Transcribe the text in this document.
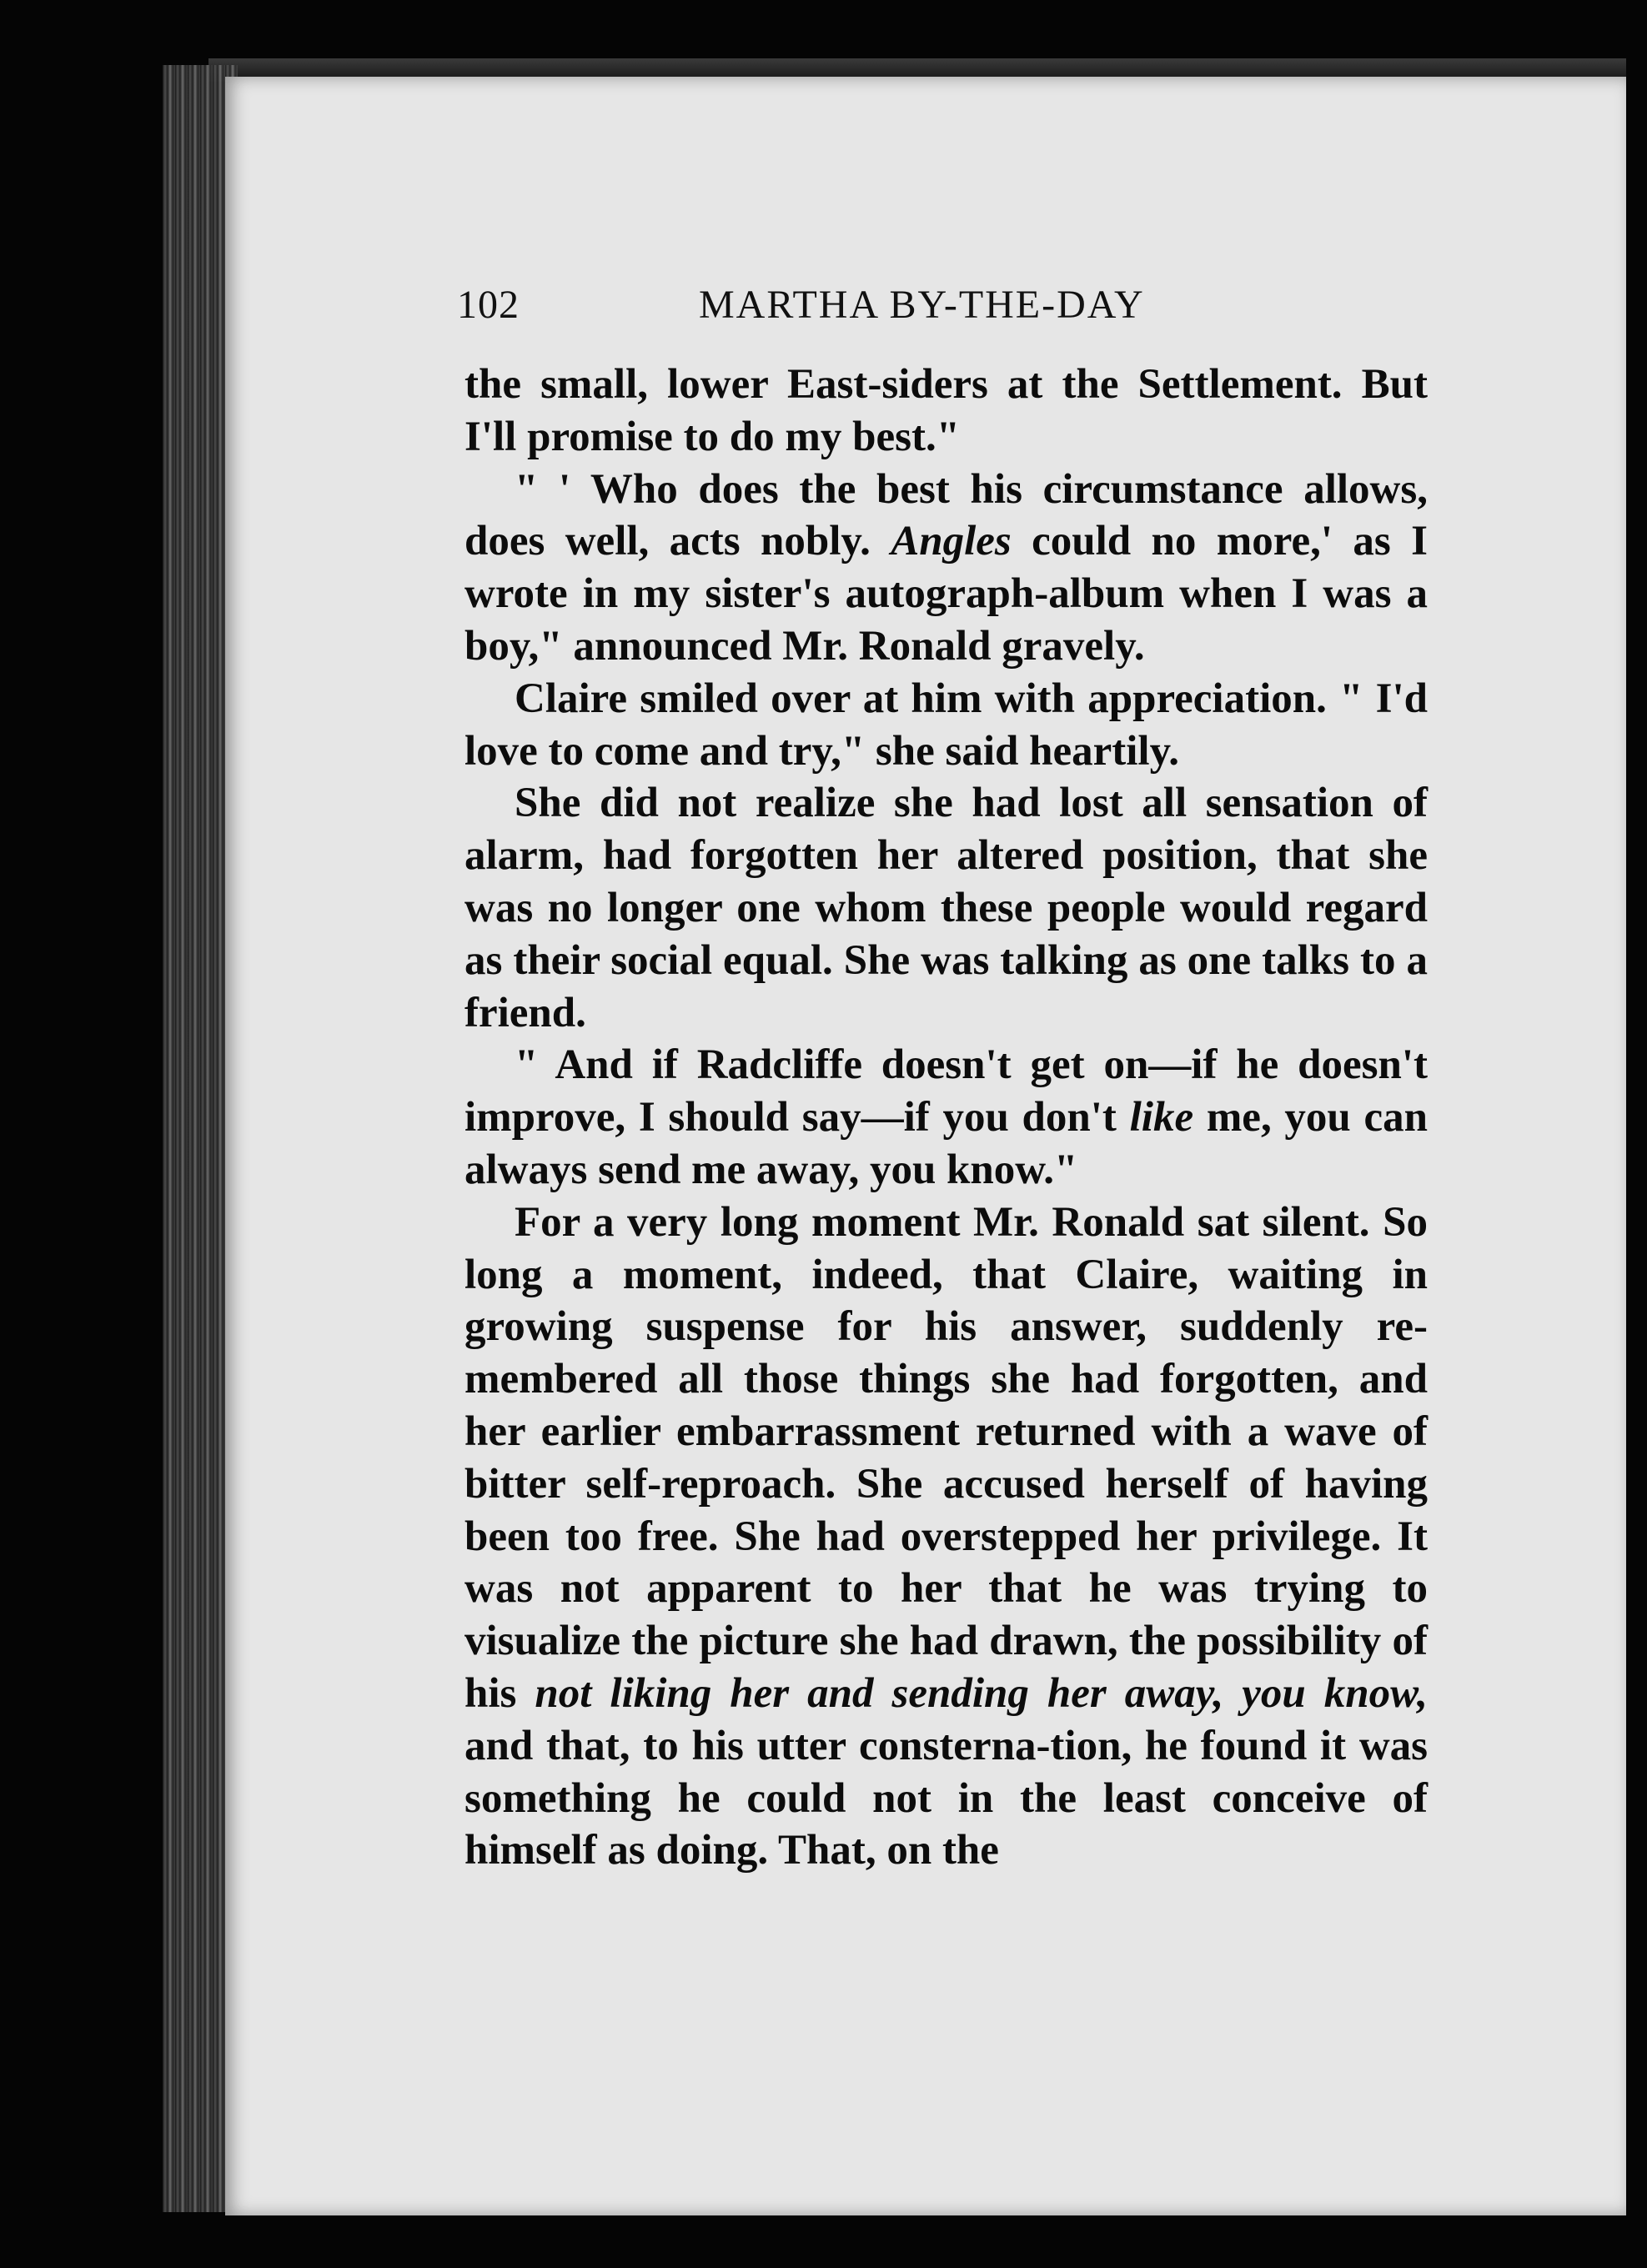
102	MARTHA BY-THE-DAY

the small, lower East-siders at the Settlement. But I'll promise to do my best."

" ' Who does the best his circumstance allows, does well, acts nobly. Angles could no more,' as I wrote in my sister's autograph-album when I was a boy," announced Mr. Ronald gravely.

Claire smiled over at him with appreciation. " I'd love to come and try," she said heartily.

She did not realize she had lost all sensation of alarm, had forgotten her altered position, that she was no longer one whom these people would regard as their social equal. She was talking as one talks to a friend.

" And if Radcliffe doesn't get on—if he doesn't improve, I should say—if you don't like me, you can always send me away, you know."

For a very long moment Mr. Ronald sat silent. So long a moment, indeed, that Claire, waiting in growing suspense for his answer, suddenly re-membered all those things she had forgotten, and her earlier embarrassment returned with a wave of bitter self-reproach. She accused herself of having been too free. She had overstepped her privilege. It was not apparent to her that he was trying to visualize the picture she had drawn, the possibility of his not liking her and sending her away, you know, and that, to his utter consterna-tion, he found it was something he could not in the least conceive of himself as doing. That, on the
